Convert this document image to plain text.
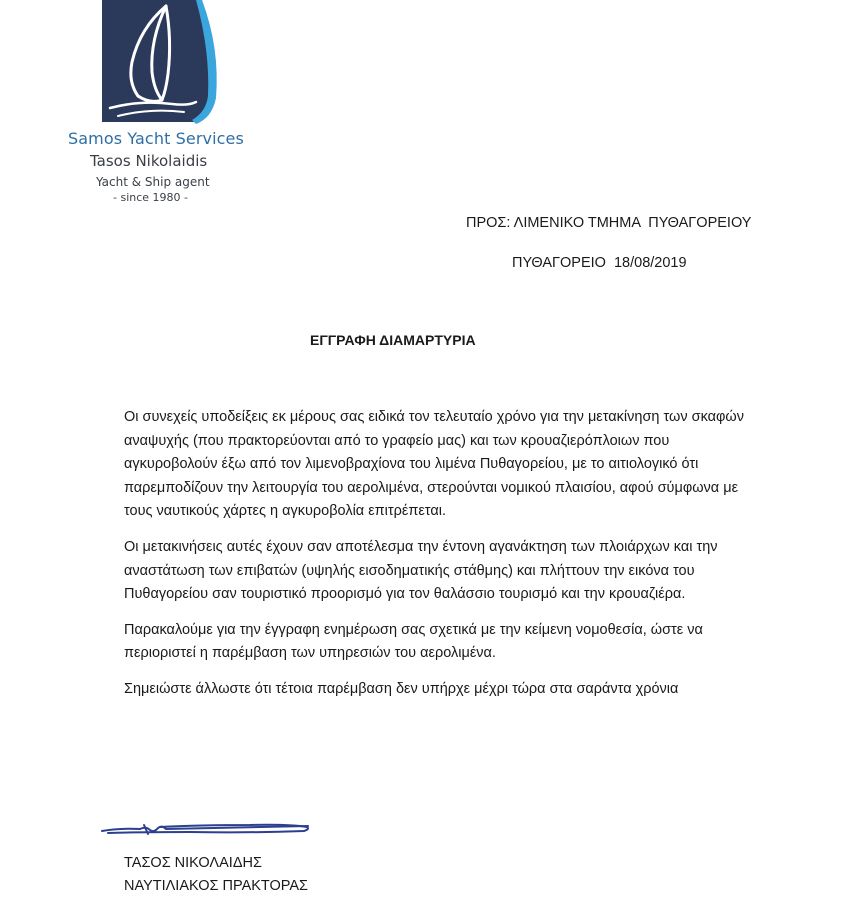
Samos Yacht Services
Tasos Nikolaidis
Yacht & Ship agent
- since 1980 -
ΠΡΟΣ: ΛΙΜΕΝΙΚΟ ΤΜΗΜΑ  ΠΥΘΑΓΟΡΕΙΟΥ
ΠΥΘΑΓΟΡΕΙΟ  18/08/2019
ΕΓΓΡΑΦΗ ΔΙΑΜΑΡΤΥΡΙΑ

Οι συνεχείς υποδείξεις εκ μέρους σας ειδικά τον τελευταίο χρόνο για την μετακίνηση των σκαφών αναψυχής (που πρακτορεύονται από το γραφείο μας) και των κρουαζιερόπλοιων που αγκυροβολούν έξω από τον λιμενοβραχίονα του λιμένα Πυθαγορείου, με το αιτιολογικό ότι παρεμποδίζουν την λειτουργία του αερολιμένα, στερούνται νομικού πλαισίου, αφού σύμφωνα με τους ναυτικούς χάρτες η αγκυροβολία επιτρέπεται.

Οι μετακινήσεις αυτές έχουν σαν αποτέλεσμα την έντονη αγανάκτηση των πλοιάρχων και την αναστάτωση των επιβατών (υψηλής εισοδηματικής στάθμης) και πλήττουν την εικόνα του Πυθαγορείου σαν τουριστικό προορισμό για τον θαλάσσιο τουρισμό και την κρουαζιέρα.

Παρακαλούμε για την έγγραφη ενημέρωση σας σχετικά με την κείμενη νομοθεσία, ώστε να περιοριστεί η παρέμβαση των υπηρεσιών του αερολιμένα.

Σημειώστε άλλωστε ότι τέτοια παρέμβαση δεν υπήρχε μέχρι τώρα στα σαράντα χρόνια

ΤΑΣΟΣ ΝΙΚΟΛΑΙΔΗΣ
ΝΑΥΤΙΛΙΑΚΟΣ ΠΡΑΚΤΟΡΑΣ
